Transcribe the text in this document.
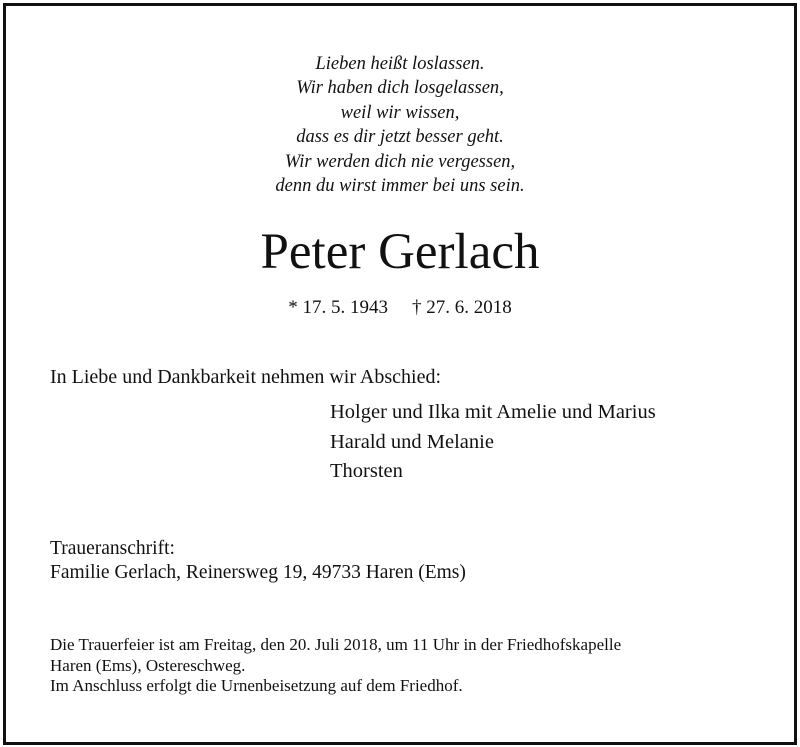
Lieben heißt loslassen.
Wir haben dich losgelassen,
weil wir wissen,
dass es dir jetzt besser geht.
Wir werden dich nie vergessen,
denn du wirst immer bei uns sein.
Peter Gerlach
* 17. 5. 1943 † 27. 6. 2018
In Liebe und Dankbarkeit nehmen wir Abschied:
Holger und Ilka mit Amelie und Marius
Harald und Melanie
Thorsten
Traueranschrift:
Familie Gerlach, Reinersweg 19, 49733 Haren (Ems)
Die Trauerfeier ist am Freitag, den 20. Juli 2018, um 11 Uhr in der Friedhofskapelle
Haren (Ems), Ostereschweg.
Im Anschluss erfolgt die Urnenbeisetzung auf dem Friedhof.
